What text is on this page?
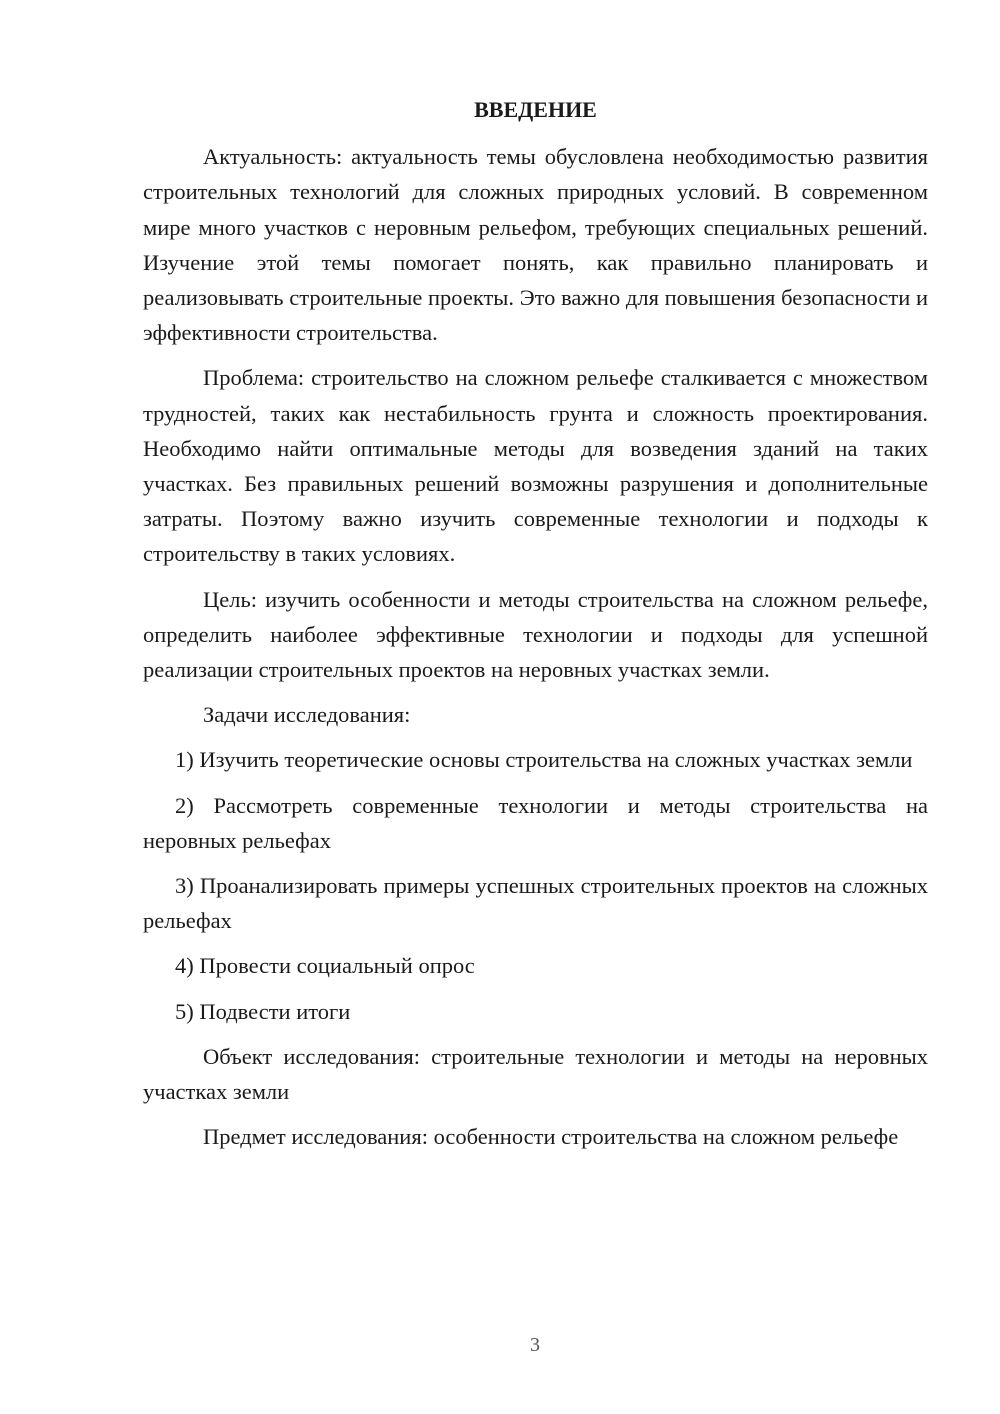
ВВЕДЕНИЕ

Актуальность: актуальность темы обусловлена необходимостью развития строительных технологий для сложных природных условий. В современном мире много участков с неровным рельефом, требующих специальных решений. Изучение этой темы помогает понять, как правильно планировать и реализовывать строительные проекты. Это важно для повышения безопасности и эффективности строительства.

Проблема: строительство на сложном рельефе сталкивается с множеством трудностей, таких как нестабильность грунта и сложность проектирования. Необходимо найти оптимальные методы для возведения зданий на таких участках. Без правильных решений возможны разрушения и дополнительные затраты. Поэтому важно изучить современные технологии и подходы к строительству в таких условиях.

Цель: изучить особенности и методы строительства на сложном рельефе, определить наиболее эффективные технологии и подходы для успешной реализации строительных проектов на неровных участках земли.

Задачи исследования:

1) Изучить теоретические основы строительства на сложных участках земли

2) Рассмотреть современные технологии и методы строительства на неровных рельефах

3) Проанализировать примеры успешных строительных проектов на сложных рельефах

4) Провести социальный опрос

5) Подвести итоги

Объект исследования: строительные технологии и методы на неровных участках земли

Предмет исследования: особенности строительства на сложном рельефе

3
